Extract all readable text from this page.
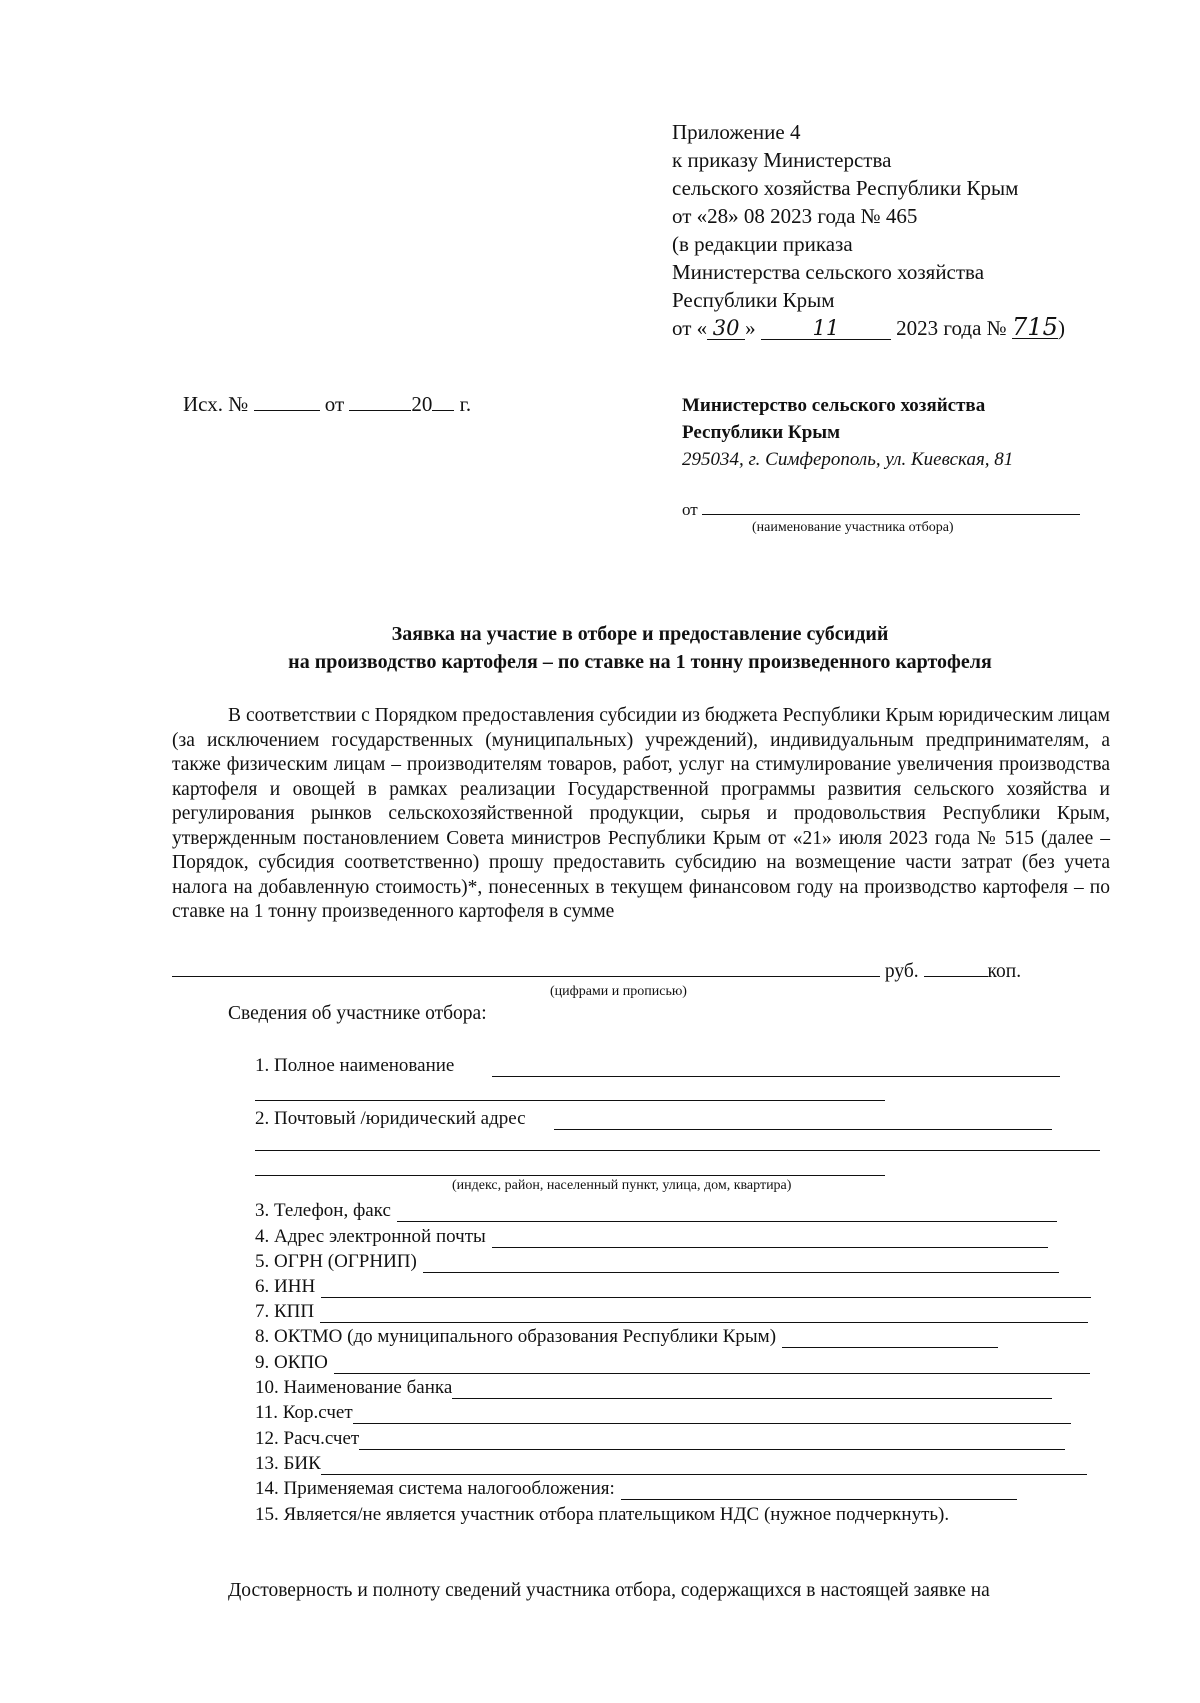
Приложение 4
к приказу Министерства
сельского хозяйства Республики Крым
от «28» 08 2023 года № 465
(в редакции приказа
Министерства сельского хозяйства
Республики Крым
от « 30 »	11	2023 года № 715)
Исх. №	от	20 г.	Министерство сельского хозяйства
Республики Крым
295034, г. Симферополь, ул. Киевская, 81
от
(наименование участника отбора)
Заявка на участие в отборе и предоставление субсидий
на производство картофеля – по ставке на 1 тонну произведенного картофеля
В соответствии с Порядком предоставления субсидии из бюджета Республики Крым юридическим лицам (за исключением государственных (муниципальных) учреждений), индивидуальным предпринимателям, а также физическим лицам – производителям товаров, работ, услуг на стимулирование увеличения производства картофеля и овощей в рамках реализации Государственной программы развития сельского хозяйства и регулирования рынков сельскохозяйственной продукции, сырья и продовольствия Республики Крым, утвержденным постановлением Совета министров Республики Крым от «21» июля 2023 года № 515 (далее – Порядок, субсидия соответственно) прошу предоставить субсидию на возмещение части затрат (без учета налога на добавленную стоимость)*, понесенных в текущем финансовом году на производство картофеля – по ставке на 1 тонну произведенного картофеля в сумме
руб.	коп.
(цифрами и прописью)
Сведения об участнике отбора:
1. Полное наименование
2. Почтовый /юридический адрес
(индекс, район, населенный пункт, улица, дом, квартира)
3. Телефон, факс
4. Адрес электронной почты
5. ОГРН (ОГРНИП)
6. ИНН
7. КПП
8. ОКТМО (до муниципального образования Республики Крым)
9. ОКПО
10. Наименование банка
11. Кор.счет
12. Расч.счет
13. БИК
14. Применяемая система налогообложения:
15. Является/не является участник отбора плательщиком НДС (нужное подчеркнуть).
Достоверность и полноту сведений участника отбора, содержащихся в настоящей заявке на
